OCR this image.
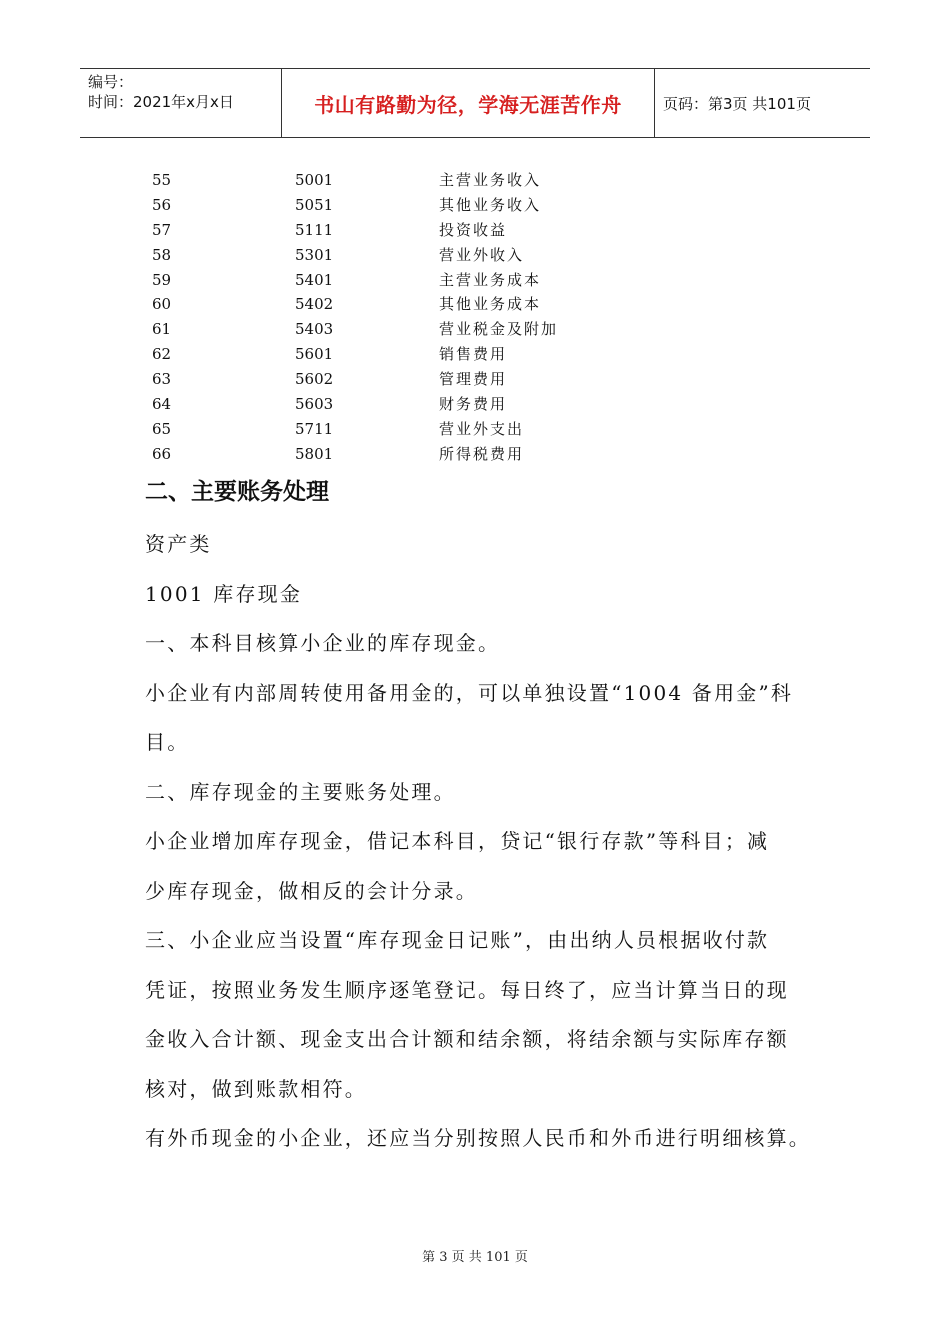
编号：
时间：2021年x月x日	书山有路勤为径，学海无涯苦作舟	页码：第3页 共101页
55	5001	主营业务收入
56	5051	其他业务收入
57	5111	投资收益
58	5301	营业外收入
59	5401	主营业务成本
60	5402	其他业务成本
61	5403	营业税金及附加
62	5601	销售费用
63	5602	管理费用
64	5603	财务费用
65	5711	营业外支出
66	5801	所得税费用
二、主要账务处理
资产类
1001 库存现金
一、本科目核算小企业的库存现金。
小企业有内部周转使用备用金的，可以单独设置“1004 备用金”科
目。
二、库存现金的主要账务处理。
小企业增加库存现金，借记本科目，贷记“银行存款”等科目；减
少库存现金，做相反的会计分录。
三、小企业应当设置“库存现金日记账”，由出纳人员根据收付款
凭证，按照业务发生顺序逐笔登记。每日终了，应当计算当日的现
金收入合计额、现金支出合计额和结余额，将结余额与实际库存额
核对，做到账款相符。
有外币现金的小企业，还应当分别按照人民币和外币进行明细核算。
第 3 页 共 101 页
